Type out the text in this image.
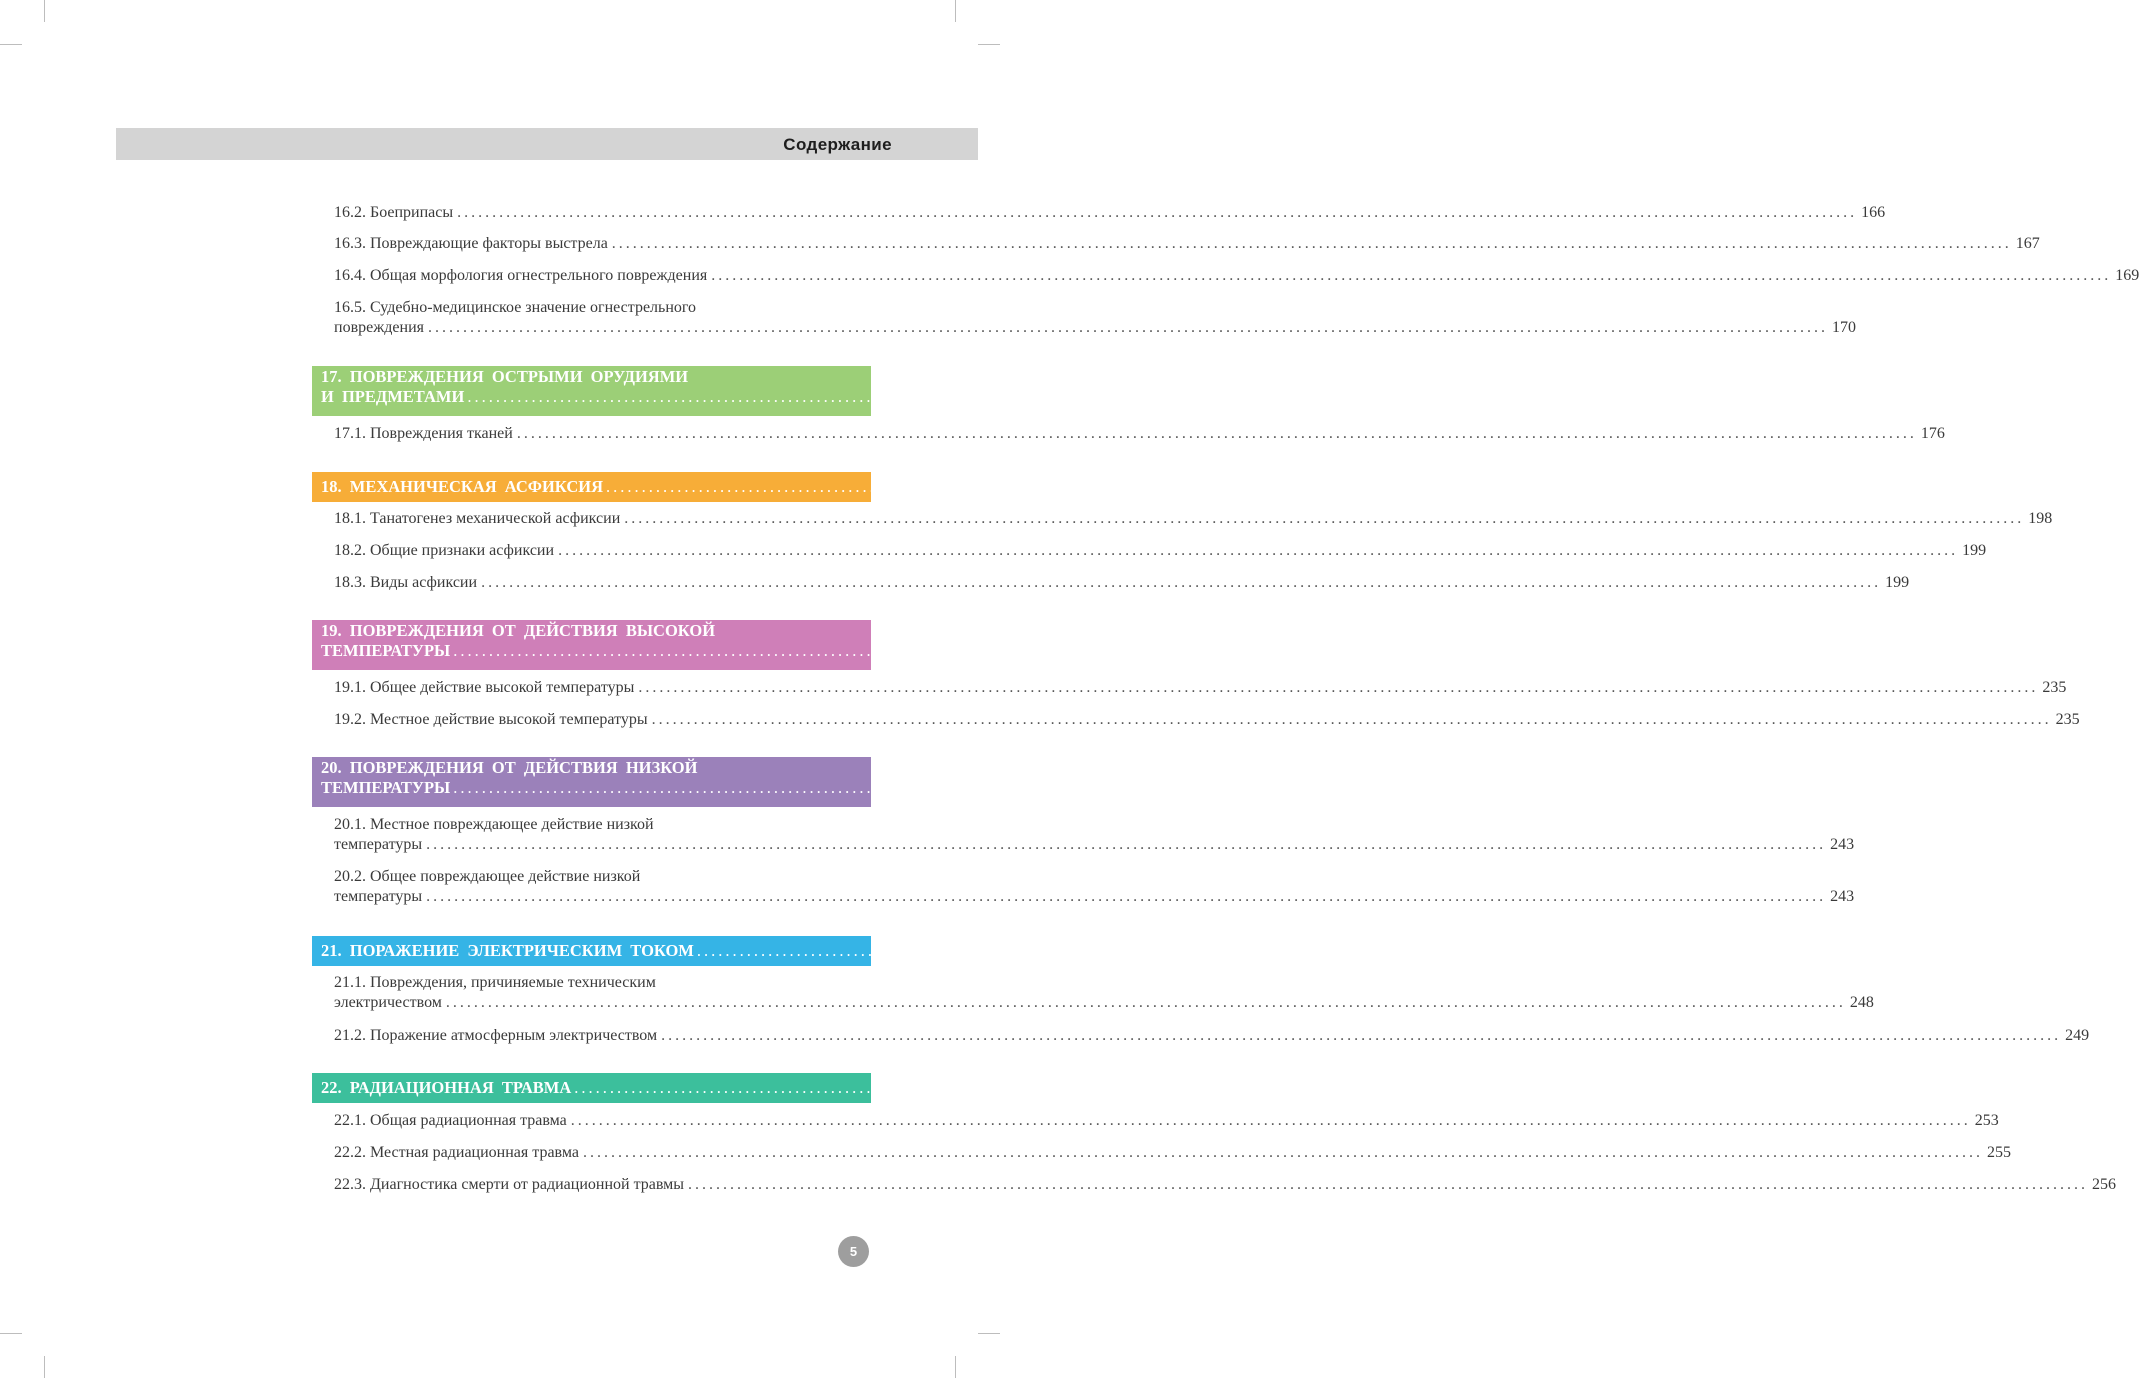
Содержание
16.2. Боеприпасы ........................................................................................................................................................................................................ 166
16.3. Повреждающие факторы выстрела ........................................................................................................................................................................................................ 167
16.4. Общая морфология огнестрельного повреждения ........................................................................................................................................................................................................ 169
16.5. Судебно-медицинское значение огнестрельного
повреждения ........................................................................................................................................................................................................ 170
17. ПОВРЕЖДЕНИЯ ОСТРЫМИ ОРУДИЯМИ
И ПРЕДМЕТАМИ ........................................................................................................................................................................................................ 176
17.1. Повреждения тканей ........................................................................................................................................................................................................ 176
18. МЕХАНИЧЕСКАЯ АСФИКСИЯ ........................................................................................................................................................................................................ 198
18.1. Танатогенез механической асфиксии ........................................................................................................................................................................................................ 198
18.2. Общие признаки асфиксии ........................................................................................................................................................................................................ 199
18.3. Виды асфиксии ........................................................................................................................................................................................................ 199
19. ПОВРЕЖДЕНИЯ ОТ ДЕЙСТВИЯ ВЫСОКОЙ
ТЕМПЕРАТУРЫ ........................................................................................................................................................................................................ 228
19.1. Общее действие высокой температуры ........................................................................................................................................................................................................ 235
19.2. Местное действие высокой температуры ........................................................................................................................................................................................................ 235
20. ПОВРЕЖДЕНИЯ ОТ ДЕЙСТВИЯ НИЗКОЙ
ТЕМПЕРАТУРЫ ........................................................................................................................................................................................................ 239
20.1. Местное повреждающее действие низкой
температуры ........................................................................................................................................................................................................ 243
20.2. Общее повреждающее действие низкой
температуры ........................................................................................................................................................................................................ 243
21. ПОРАЖЕНИЕ ЭЛЕКТРИЧЕСКИМ ТОКОМ ........................................................................................................................................................................................................ 245
21.1. Повреждения, причиняемые техническим
электричеством ........................................................................................................................................................................................................ 248
21.2. Поражение атмосферным электричеством ........................................................................................................................................................................................................ 249
22. РАДИАЦИОННАЯ ТРАВМА ........................................................................................................................................................................................................ 250
22.1. Общая радиационная травма ........................................................................................................................................................................................................ 253
22.2. Местная радиационная травма ........................................................................................................................................................................................................ 255
22.3. Диагностика смерти от радиационной травмы ........................................................................................................................................................................................................ 256
5
